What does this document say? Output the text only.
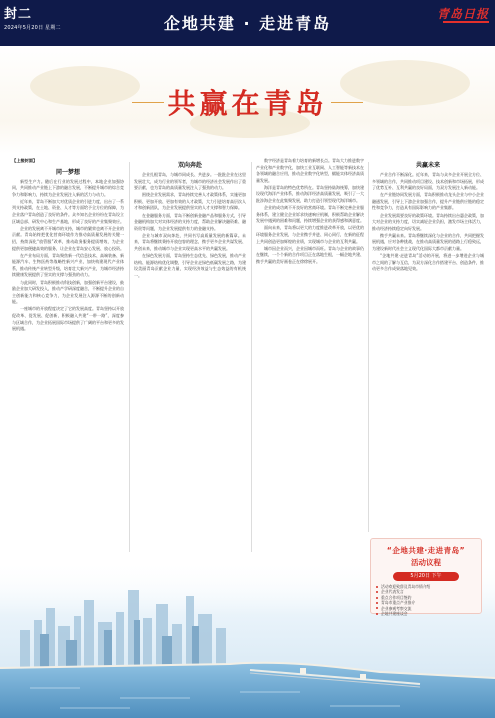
封二
2024年5月20日 星期二	企地共建 · 走进青岛	青岛日报
共赢在青岛

【上接封面】

同一梦想

新型生产力。随后在行业的发展过程中，本地企业加强协同，共同推动产业链上下游的融合发展，不断提升城市的综合竞争力和影响力，持续为企业发展注入新的活力与动力。

近年来，青岛不断加大对优质企业的引进力度，出台了一系列支持政策，在土地、资金、人才等方面给予全方位的保障，为企业落户青岛创造了良好的条件。众多知名企业纷纷在青岛设立区域总部、研发中心和生产基地，形成了良好的产业集聚效应。

企业的发展离不开城市的支持，城市的繁荣也离不开企业的贡献。青岛始终把优化营商环境作为推动高质量发展的关键一招，持续深化“放管服”改革，推动政务服务提质增效，为企业提供更加便捷高效的服务，让企业在青岛安心发展、放心投资。

在产业布局方面，青岛聚焦新一代信息技术、高端装备、新能源汽车、生物医药等战略性新兴产业，加快构建现代产业体系，推动传统产业转型升级，培育壮大新兴产业，为城市经济持续健康发展提供了坚实的支撑与强劲的动力。

与此同时，青岛积极推动科技创新，加强创新平台建设，鼓励企业加大研发投入，推动产学研深度融合，不断提升企业的自主创新能力和核心竞争力，为企业发展注入源源不断的创新动能。

一座城市的开放程度决定了它的发展高度。青岛坚持以开放促改革、促发展、促创新，积极融入共建“一带一路”，深度参与区域合作，为企业拓展国际市场提供了广阔的平台和更多的发展机遇。

双向奔赴

企业扎根青岛，与城市同成长、共进步。一批批企业在这里发展壮大，成为行业的领军者，为城市的经济社会发展作出了重要贡献，也为青岛的高质量发展注入了强劲的动力。

围绕企业发展需求，青岛持续完善人才政策体系，实施更加积极、更加开放、更加有效的人才政策，大力引进培育高层次人才和创新团队，为企业发展提供坚实的人才支撑和智力保障。

在金融服务方面，青岛不断创新金融产品和服务方式，引导金融机构加大对实体经济的支持力度，帮助企业解决融资难、融资贵等问题，为企业发展提供有力的金融支持。

企业与城市双向奔赴，共同书写高质量发展的新篇章。未来，青岛将继续秉持开放包容的理念，携手更多企业共谋发展、共创未来，推动城市与企业实现更高水平的共赢发展。

在绿色发展方面，青岛坚持生态优先、绿色发展，推动产业结构、能源结构优化调整，引导企业走绿色低碳发展之路，为建设美丽青岛贡献企业力量，实现经济效益与生态效益的有机统一。

数字经济是青岛着力培育的新增长点。青岛大力推进数字产业化和产业数字化，加快工业互联网、人工智能等新技术在各领域的融合应用，推动企业数字化转型，赋能实体经济高质量发展。

海洋是青岛的特色优势所在。青岛坚持陆海统筹，加快建设现代海洋产业体系，推动海洋经济高质量发展，吸引了一大批涉海企业在此集聚发展，助力打造引领型现代海洋城市。

企业的成功离不开良好的营商环境。青岛不断完善企业服务体系，建立健全企业诉求快速响应机制，积极帮助企业解决发展中遇到的困难和问题，持续增强企业的获得感和满意度。

面向未来，青岛将以更大的力度推进改革开放，以更优的环境服务企业发展，与企业携手并进、同心同行，在新的征程上共同创造更加辉煌的业绩，实现城市与企业的互利共赢。

城市因企业而兴，企业因城市而旺。青岛与企业的故事仍在继续，一个个新的合作项目正在落地生根，一幅企地共建、携手共赢的美好画卷正在徐徐展开。

共赢未来

产业合作不断深化。近年来，青岛与众多企业开展全方位、多领域的合作，共同推动项目建设、技术创新和市场拓展，形成了优势互补、互利共赢的良好局面，为双方发展注入新动能。

在产业链协同发展方面，青岛积极推动龙头企业与中小企业融通发展，引导上下游企业加强合作，提升产业链供应链的稳定性和竞争力，打造具有国际影响力的产业集群。

企业发展需要良好的政策环境。青岛持续出台惠企政策，加大对企业的支持力度，切实减轻企业负担，激发市场主体活力，推动经济持续稳定向好发展。

携手共赢未来。青岛将继续深化与企业的合作，共同把握发展机遇，应对各种挑战，在推动高质量发展的道路上行稳致远，为建设新时代社会主义现代化国际大都市贡献力量。

“企地共建·走进青岛”活动的开展，将进一步增进企业与城市之间的了解与互信，为双方深化合作搭建平台、创造条件，推动更多合作成果落地见效。

“企地共建·走进青岛”
活动议程
5月20日 下午
活动欢迎致辞及青岛市情介绍
企业代表发言
重点合作项目签约
青岛市重点产业推介
企业参观考察交流
企地共建座谈会
